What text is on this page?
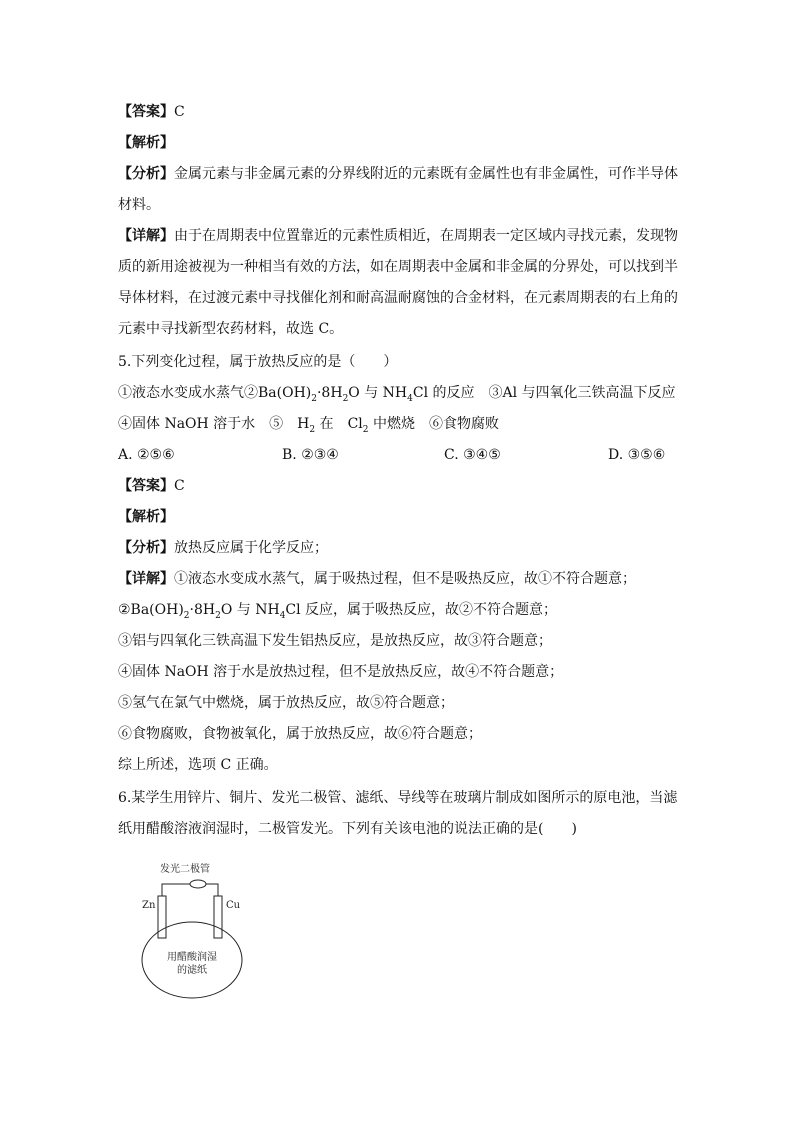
【答案】C
【解析】
【分析】金属元素与非金属元素的分界线附近的元素既有金属性也有非金属性，可作半导体
材料。
【详解】由于在周期表中位置靠近的元素性质相近，在周期表一定区域内寻找元素，发现物
质的新用途被视为一种相当有效的方法，如在周期表中金属和非金属的分界处，可以找到半
导体材料，在过渡元素中寻找催化剂和耐高温耐腐蚀的合金材料，在元素周期表的右上角的
元素中寻找新型农药材料，故选 C。
5.下列变化过程，属于放热反应的是（　　）
①液态水变成水蒸气$②Ba(OH)_2\cdot 8H_2O$ 与 $NH_4Cl$ 的反应　③Al 与四氧化三铁高温下反应
④固体 NaOH 溶于水　⑤　$H_2$ 在　$Cl_2$ 中燃烧　⑥食物腐败
A. ②⑤⑥	B. ②③④	C. ③④⑤	D. ③⑤⑥
【答案】C
【解析】
【分析】放热反应属于化学反应；
【详解】①液态水变成水蒸气，属于吸热过程，但不是吸热反应，故①不符合题意；
$②Ba(OH)_2\cdot 8H_2O$ 与 $NH_4Cl$ 反应，属于吸热反应，故②不符合题意；
③铝与四氧化三铁高温下发生铝热反应，是放热反应，故③符合题意；
④固体 NaOH 溶于水是放热过程，但不是放热反应，故④不符合题意；
⑤氢气在氯气中燃烧，属于放热反应，故⑤符合题意；
⑥食物腐败，食物被氧化，属于放热反应，故⑥符合题意；
综上所述，选项 C 正确。
6.某学生用锌片、铜片、发光二极管、滤纸、导线等在玻璃片制成如图所示的原电池，当滤
纸用醋酸溶液润湿时，二极管发光。下列有关该电池的说法正确的是(　　)
发光二极管
Zn	Cu
用醋酸润湿
的滤纸
